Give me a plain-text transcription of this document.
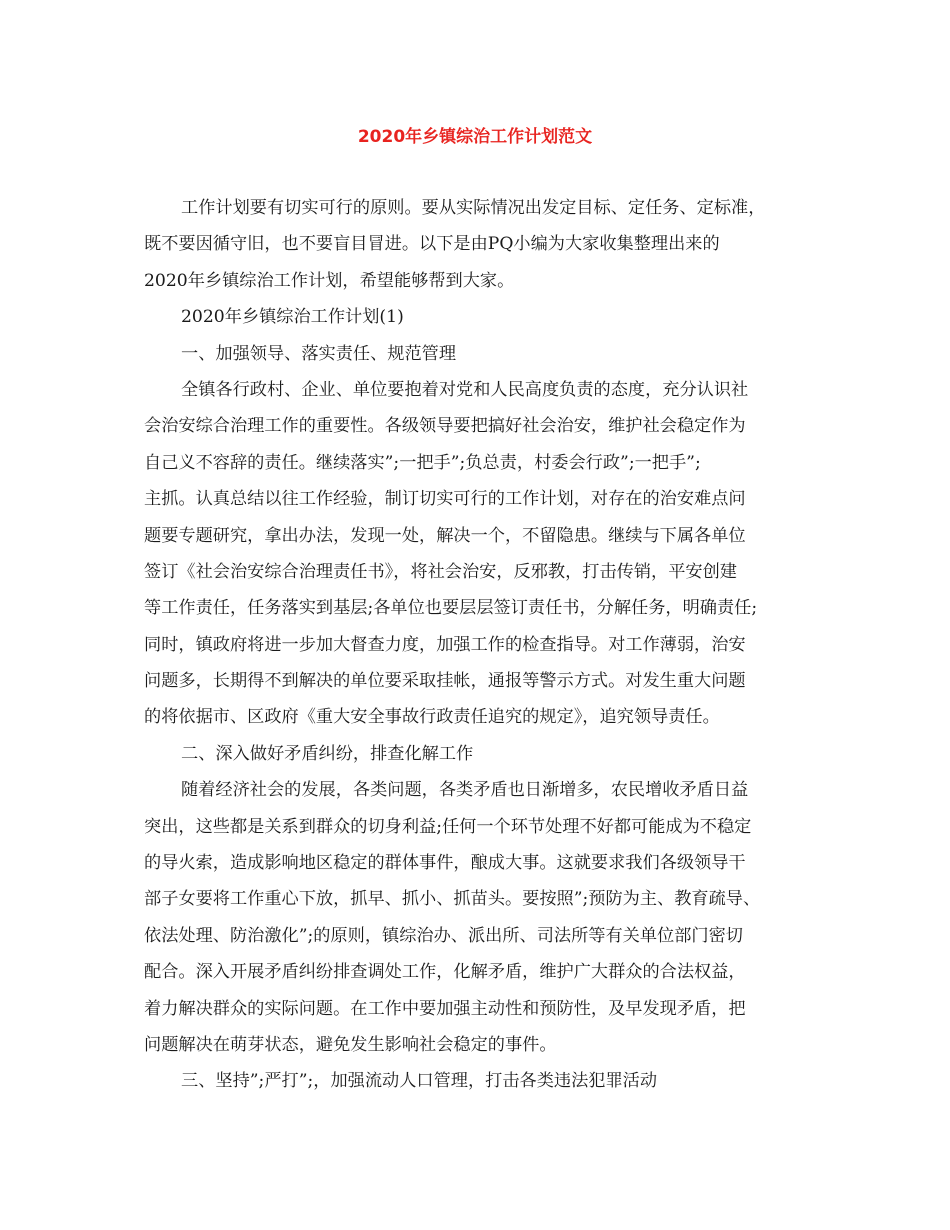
2020年乡镇综治工作计划范文
工作计划要有切实可行的原则。要从实际情况出发定目标、定任务、定标准，
既不要因循守旧，也不要盲目冒进。以下是由PQ小编为大家收集整理出来的
2020年乡镇综治工作计划，希望能够帮到大家。
2020年乡镇综治工作计划(1)
一、加强领导、落实责任、规范管理
全镇各行政村、企业、单位要抱着对党和人民高度负责的态度，充分认识社
会治安综合治理工作的重要性。各级领导要把搞好社会治安，维护社会稳定作为
自己义不容辞的责任。继续落实”;一把手”;负总责，村委会行政”;一把手”;
主抓。认真总结以往工作经验，制订切实可行的工作计划，对存在的治安难点问
题要专题研究，拿出办法，发现一处，解决一个，不留隐患。继续与下属各单位
签订《社会治安综合治理责任书》，将社会治安，反邪教，打击传销，平安创建
等工作责任，任务落实到基层;各单位也要层层签订责任书，分解任务，明确责任;
同时，镇政府将进一步加大督查力度，加强工作的检查指导。对工作薄弱，治安
问题多，长期得不到解决的单位要采取挂帐，通报等警示方式。对发生重大问题
的将依据市、区政府《重大安全事故行政责任追究的规定》，追究领导责任。
二、深入做好矛盾纠纷，排查化解工作
随着经济社会的发展，各类问题，各类矛盾也日渐增多，农民增收矛盾日益
突出，这些都是关系到群众的切身利益;任何一个环节处理不好都可能成为不稳定
的导火索，造成影响地区稳定的群体事件，酿成大事。这就要求我们各级领导干
部子女要将工作重心下放，抓早、抓小、抓苗头。要按照”;预防为主、教育疏导、
依法处理、防治激化”;的原则，镇综治办、派出所、司法所等有关单位部门密切
配合。深入开展矛盾纠纷排查调处工作，化解矛盾，维护广大群众的合法权益，
着力解决群众的实际问题。在工作中要加强主动性和预防性，及早发现矛盾，把
问题解决在萌芽状态，避免发生影响社会稳定的事件。
三、坚持”;严打”;，加强流动人口管理，打击各类违法犯罪活动
